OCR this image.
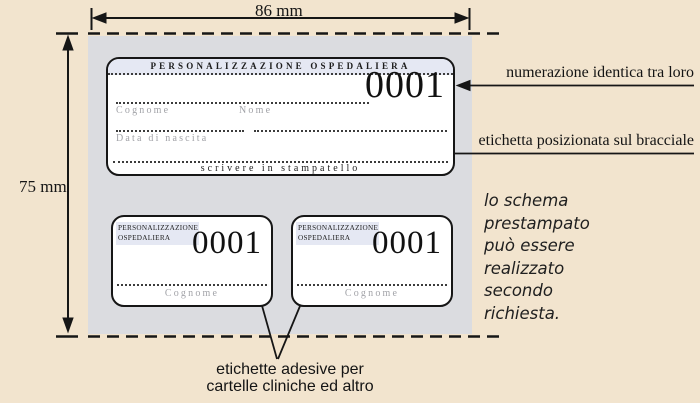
86 mm
75 mm
PERSONALIZZAZIONE OSPEDALIERA
0001
Cognome	Nome
Data di nascita
scrivere in stampatello
PERSONALIZZAZIONE
OSPEDALIERA 0001
Cognome
PERSONALIZZAZIONE
OSPEDALIERA 0001
Cognome
numerazione identica tra loro
etichetta posizionata sul bracciale
lo schema
prestampato
può essere
realizzato
secondo
richiesta.
etichette adesive per
cartelle cliniche ed altro
